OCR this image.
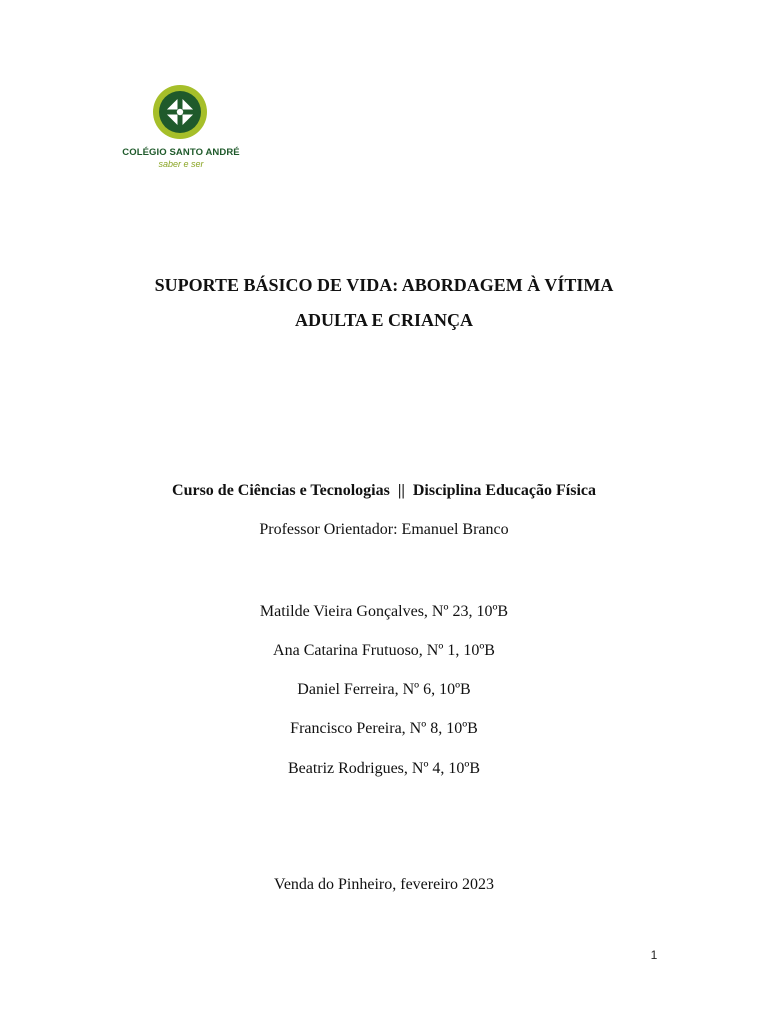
COLÉGIO SANTO ANDRÉ
saber e ser
SUPORTE BÁSICO DE VIDA: ABORDAGEM À VÍTIMA
ADULTA E CRIANÇA
Curso de Ciências e Tecnologias || Disciplina Educação Física
Professor Orientador: Emanuel Branco
Matilde Vieira Gonçalves, Nº 23, 10ºB
Ana Catarina Frutuoso, Nº 1, 10ºB
Daniel Ferreira, Nº 6, 10ºB
Francisco Pereira, Nº 8, 10ºB
Beatriz Rodrigues, Nº 4, 10ºB
Venda do Pinheiro, fevereiro 2023
1
